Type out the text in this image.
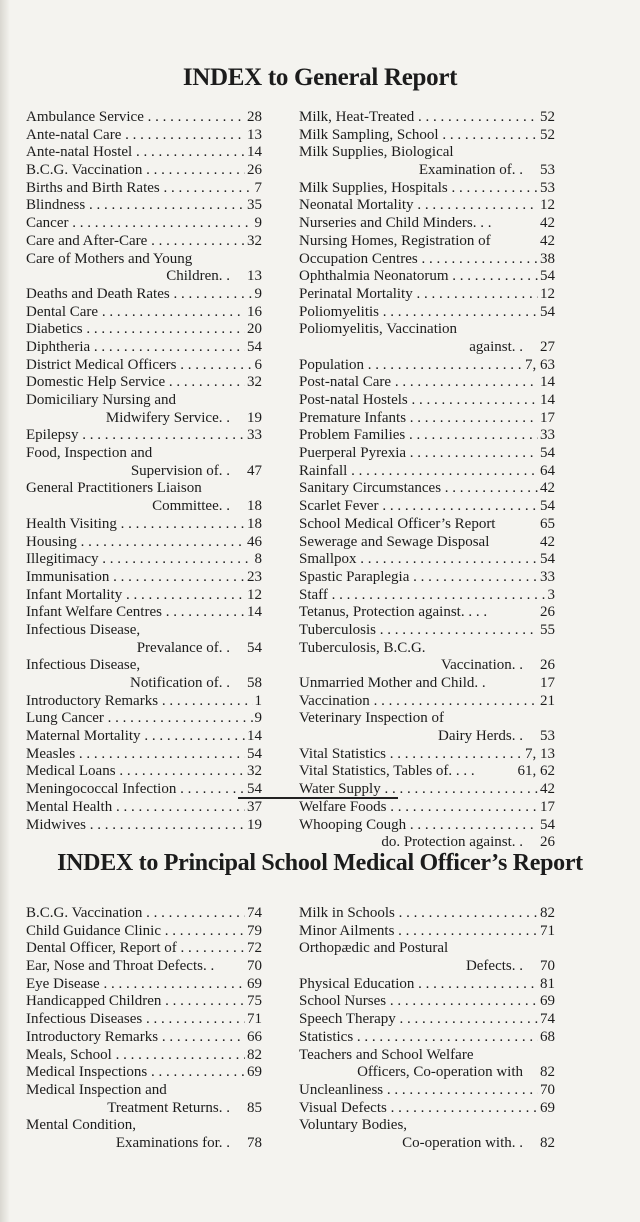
INDEX to General Report
Ambulance Service . . .	28
Ante-natal Care . . .	13
Ante-natal Hostel . . .	14
B.C.G. Vaccination . . .	26
Births and Birth Rates . . .	7
Blindness . . .	35
Cancer . . .	9
Care and After-Care . . .	32
Care of Mothers and Young
Children. .	13
Deaths and Death Rates . . .	9
Dental Care . . .	16
Diabetics . . .	20
Diphtheria . . .	54
District Medical Officers . . .	6
Domestic Help Service . . .	32
Domiciliary Nursing and
Midwifery Service. .	19
Epilepsy . . .	33
Food, Inspection and
Supervision of. .	47
General Practitioners Liaison
Committee. .	18
Health Visiting . . .	18
Housing . . .	46
Illegitimacy . . .	8
Immunisation . . .	23
Infant Mortality . . .	12
Infant Welfare Centres . . .	14
Infectious Disease,
Prevalance of. .	54
Infectious Disease,
Notification of. .	58
Introductory Remarks . . .	1
Lung Cancer . . .	9
Maternal Mortality . . .	14
Measles . . .	54
Medical Loans . . .	32
Meningococcal Infection . . .	54
Mental Health . . .	37
Midwives . . .	19
Milk, Heat-Treated . . .	52
Milk Sampling, School . . .	52
Milk Supplies, Biological
Examination of. .	53
Milk Supplies, Hospitals . . .	53
Neonatal Mortality . . .	12
Nurseries and Child Minders. . .	42
Nursing Homes, Registration of	42
Occupation Centres . . .	38
Ophthalmia Neonatorum . . .	54
Perinatal Mortality . . .	12
Poliomyelitis . . .	54
Poliomyelitis, Vaccination
against. .	27
Population . . .	7, 63
Post-natal Care . . .	14
Post-natal Hostels . . .	14
Premature Infants . . .	17
Problem Families . . .	33
Puerperal Pyrexia . . .	54
Rainfall . . .	64
Sanitary Circumstances . . .	42
Scarlet Fever . . .	54
School Medical Officer’s Report	65
Sewerage and Sewage Disposal	42
Smallpox . . .	54
Spastic Paraplegia . . .	33
Staff . . .	3
Tetanus, Protection against. . . .	26
Tuberculosis . . .	55
Tuberculosis, B.C.G.
Vaccination. .	26
Unmarried Mother and Child. .	17
Vaccination . . .	21
Veterinary Inspection of
Dairy Herds. .	53
Vital Statistics . . .	7, 13
Vital Statistics, Tables of. . . .	61, 62
Water Supply . . .	42
Welfare Foods . . .	17
Whooping Cough . . .	54
do. Protection against. .	26
INDEX to Principal School Medical Officer’s Report
B.C.G. Vaccination . . .	74
Child Guidance Clinic . . .	79
Dental Officer, Report of . . .	72
Ear, Nose and Throat Defects. .	70
Eye Disease . . .	69
Handicapped Children . . .	75
Infectious Diseases . . .	71
Introductory Remarks . . .	66
Meals, School . . .	82
Medical Inspections . . .	69
Medical Inspection and
Treatment Returns. .	85
Mental Condition,
Examinations for. .	78
Milk in Schools . . .	82
Minor Ailments . . .	71
Orthopædic and Postural
Defects. .	70
Physical Education . . .	81
School Nurses . . .	69
Speech Therapy . . .	74
Statistics . . .	68
Teachers and School Welfare
Officers, Co-operation with	82
Uncleanliness . . .	70
Visual Defects . . .	69
Voluntary Bodies,
Co-operation with. .	82
